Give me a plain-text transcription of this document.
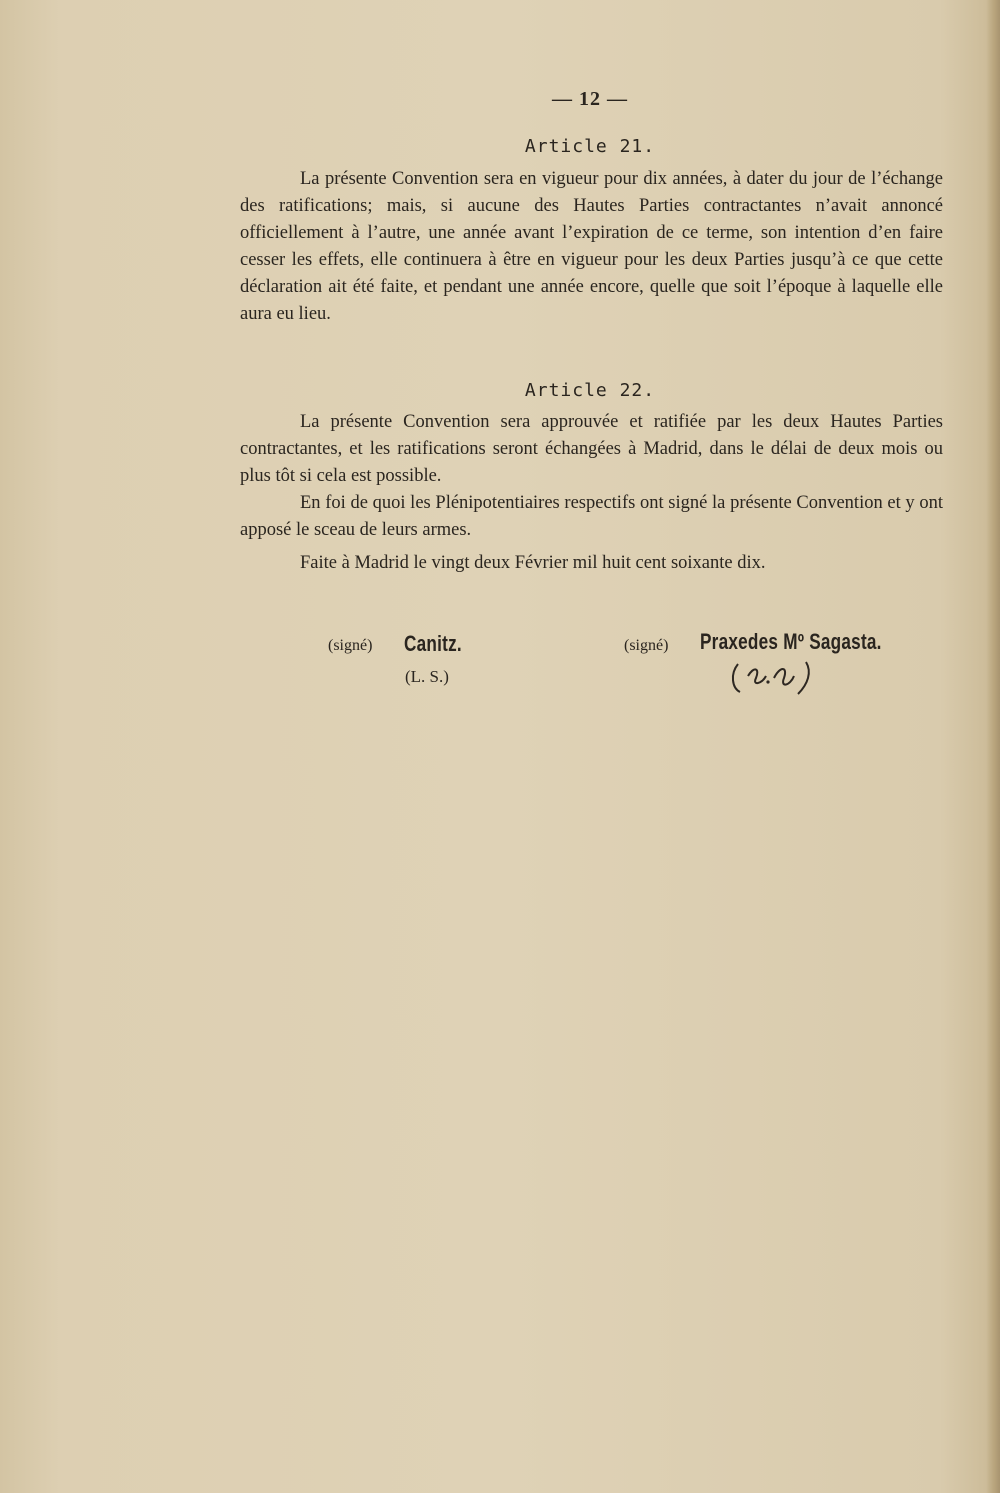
— 12 —
Article 21.

La présente Convention sera en vigueur pour dix années, à dater du jour de l’échange des ratifications; mais, si aucune des Hautes Parties contractantes n’avait annoncé officiellement à l’autre, une année avant l’expiration de ce terme, son intention d’en faire cesser les effets, elle continuera à être en vigueur pour les deux Parties jusqu’à ce que cette déclaration ait été faite, et pendant une année encore, quelle que soit l’époque à laquelle elle aura eu lieu.

Article 22.

La présente Convention sera approuvée et ratifiée par les deux Hautes Parties contractantes, et les ratifications seront échangées à Madrid, dans le délai de deux mois ou plus tôt si cela est possible.

En foi de quoi les Plénipotentiaires respectifs ont signé la présente Convention et y ont apposé le sceau de leurs armes.

Faite à Madrid le vingt deux Février mil huit cent soixante dix.

(signé) Canitz.
(L. S.)
(signé) Praxedes Mº Sagasta.
